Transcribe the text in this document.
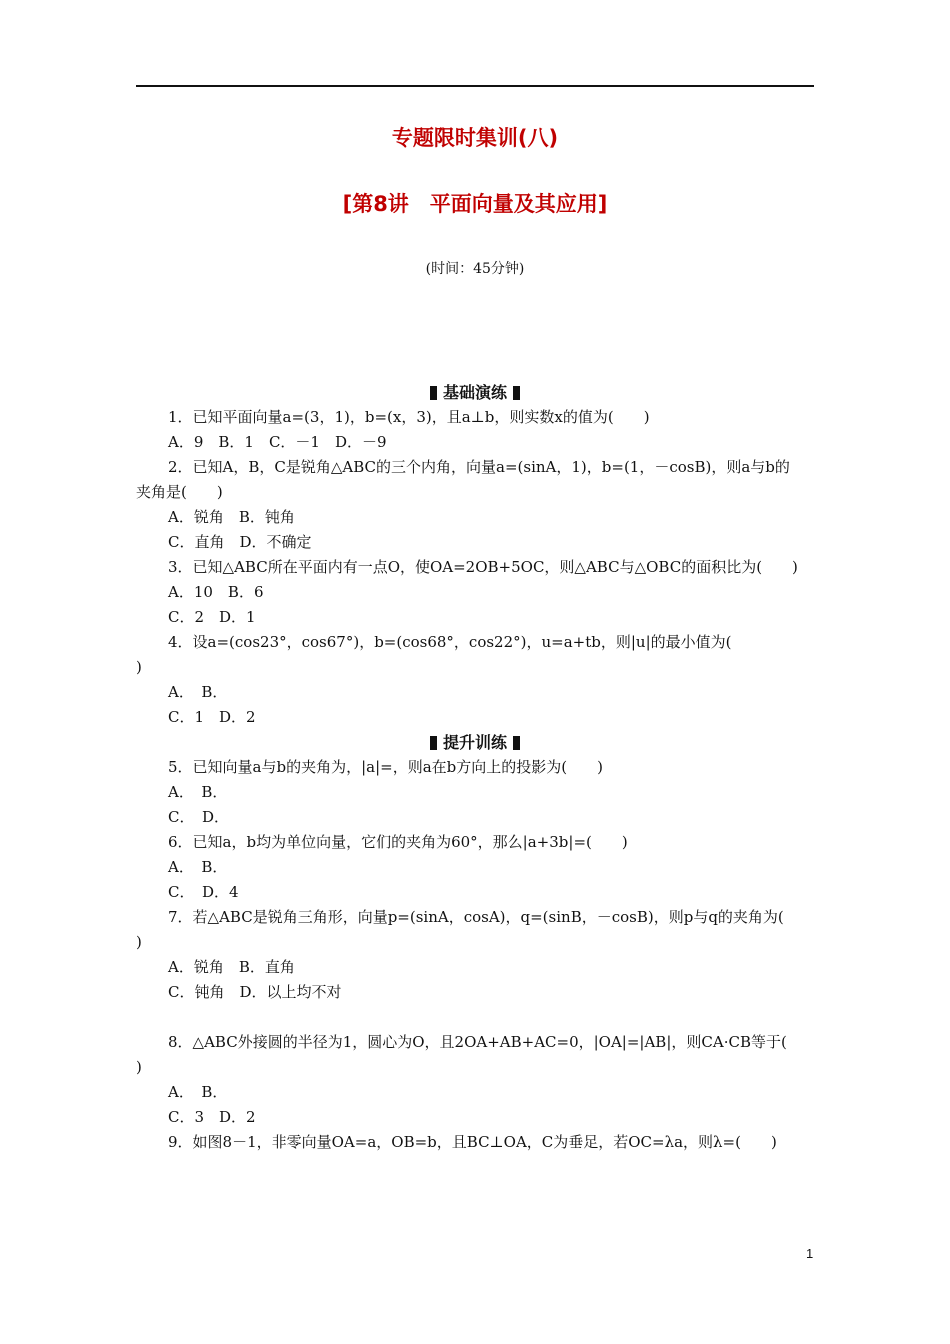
专题限时集训(八)
[第8讲　平面向量及其应用]
(时间：45分钟)
基础演练
1．已知平面向量a=(3，1)，b=(x，3)，且a⊥b，则实数x的值为(　　)
A．9　B．1　C．－1　D．－9
2．已知A，B，C是锐角△ABC的三个内角，向量a=(sinA，1)，b=(1，－cosB)，则a与b的
夹角是(　　)
A．锐角　B．钝角
C．直角　D．不确定
3．已知△ABC所在平面内有一点O，使OA=2OB+5OC，则△ABC与△OBC的面积比为(　　)
A．10　B．6
C．2　D．1
4．设a=(cos23°，cos67°)，b=(cos68°，cos22°)，u=a+tb，则|u|的最小值为(
)
A．　B．
C．1　D．2
提升训练
5．已知向量a与b的夹角为，|a|=，则a在b方向上的投影为(　　)
A．　B．
C．　D．
6．已知a，b均为单位向量，它们的夹角为60°，那么|a+3b|=(　　)
A．　B．
C．　D．4
7．若△ABC是锐角三角形，向量p=(sinA，cosA)，q=(sinB，－cosB)，则p与q的夹角为(
)
A．锐角　B．直角
C．钝角　D．以上均不对
8．△ABC外接圆的半径为1，圆心为O，且2OA+AB+AC=0，|OA|=|AB|，则CA·CB等于(
)
A．　B．
C．3　D．2
9．如图8－1，非零向量OA=a，OB=b，且BC⊥OA，C为垂足，若OC=λa，则λ=(　　)
1
